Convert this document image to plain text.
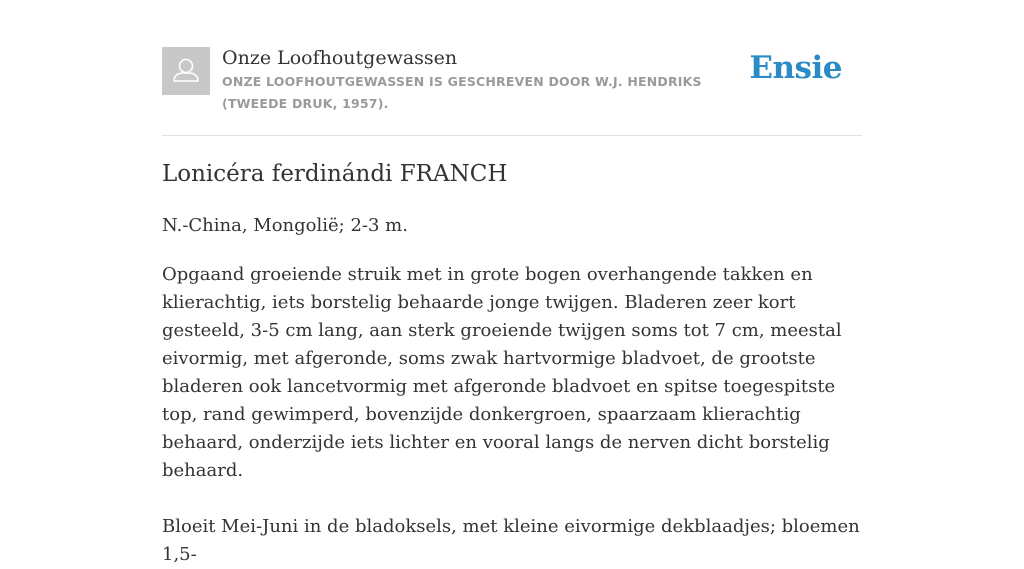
Onze Loofhoutgewassen

ONZE LOOFHOUTGEWASSEN IS GESCHREVEN DOOR W.J. HENDRIKS (TWEEDE DRUK, 1957).

Ensie
Lonicéra ferdinándi FRANCH

N.-China, Mongolië; 2-3 m.

Opgaand groeiende struik met in grote bogen overhangende takken en klierachtig, iets borstelig behaarde jonge twijgen. Bladeren zeer kort gesteeld, 3-5 cm lang, aan sterk groeiende twijgen soms tot 7 cm, meestal eivormig, met afgeronde, soms zwak hartvormige bladvoet, de grootste bladeren ook lancetvormig met afgeronde bladvoet en spitse toegespitste top, rand gewimperd, bovenzijde donkergroen, spaarzaam klierachtig behaard, onderzijde iets lichter en vooral langs de nerven dicht borstelig behaard.

Bloeit Mei-Juni in de bladoksels, met kleine eivormige dekblaadjes; bloemen 1,5-
